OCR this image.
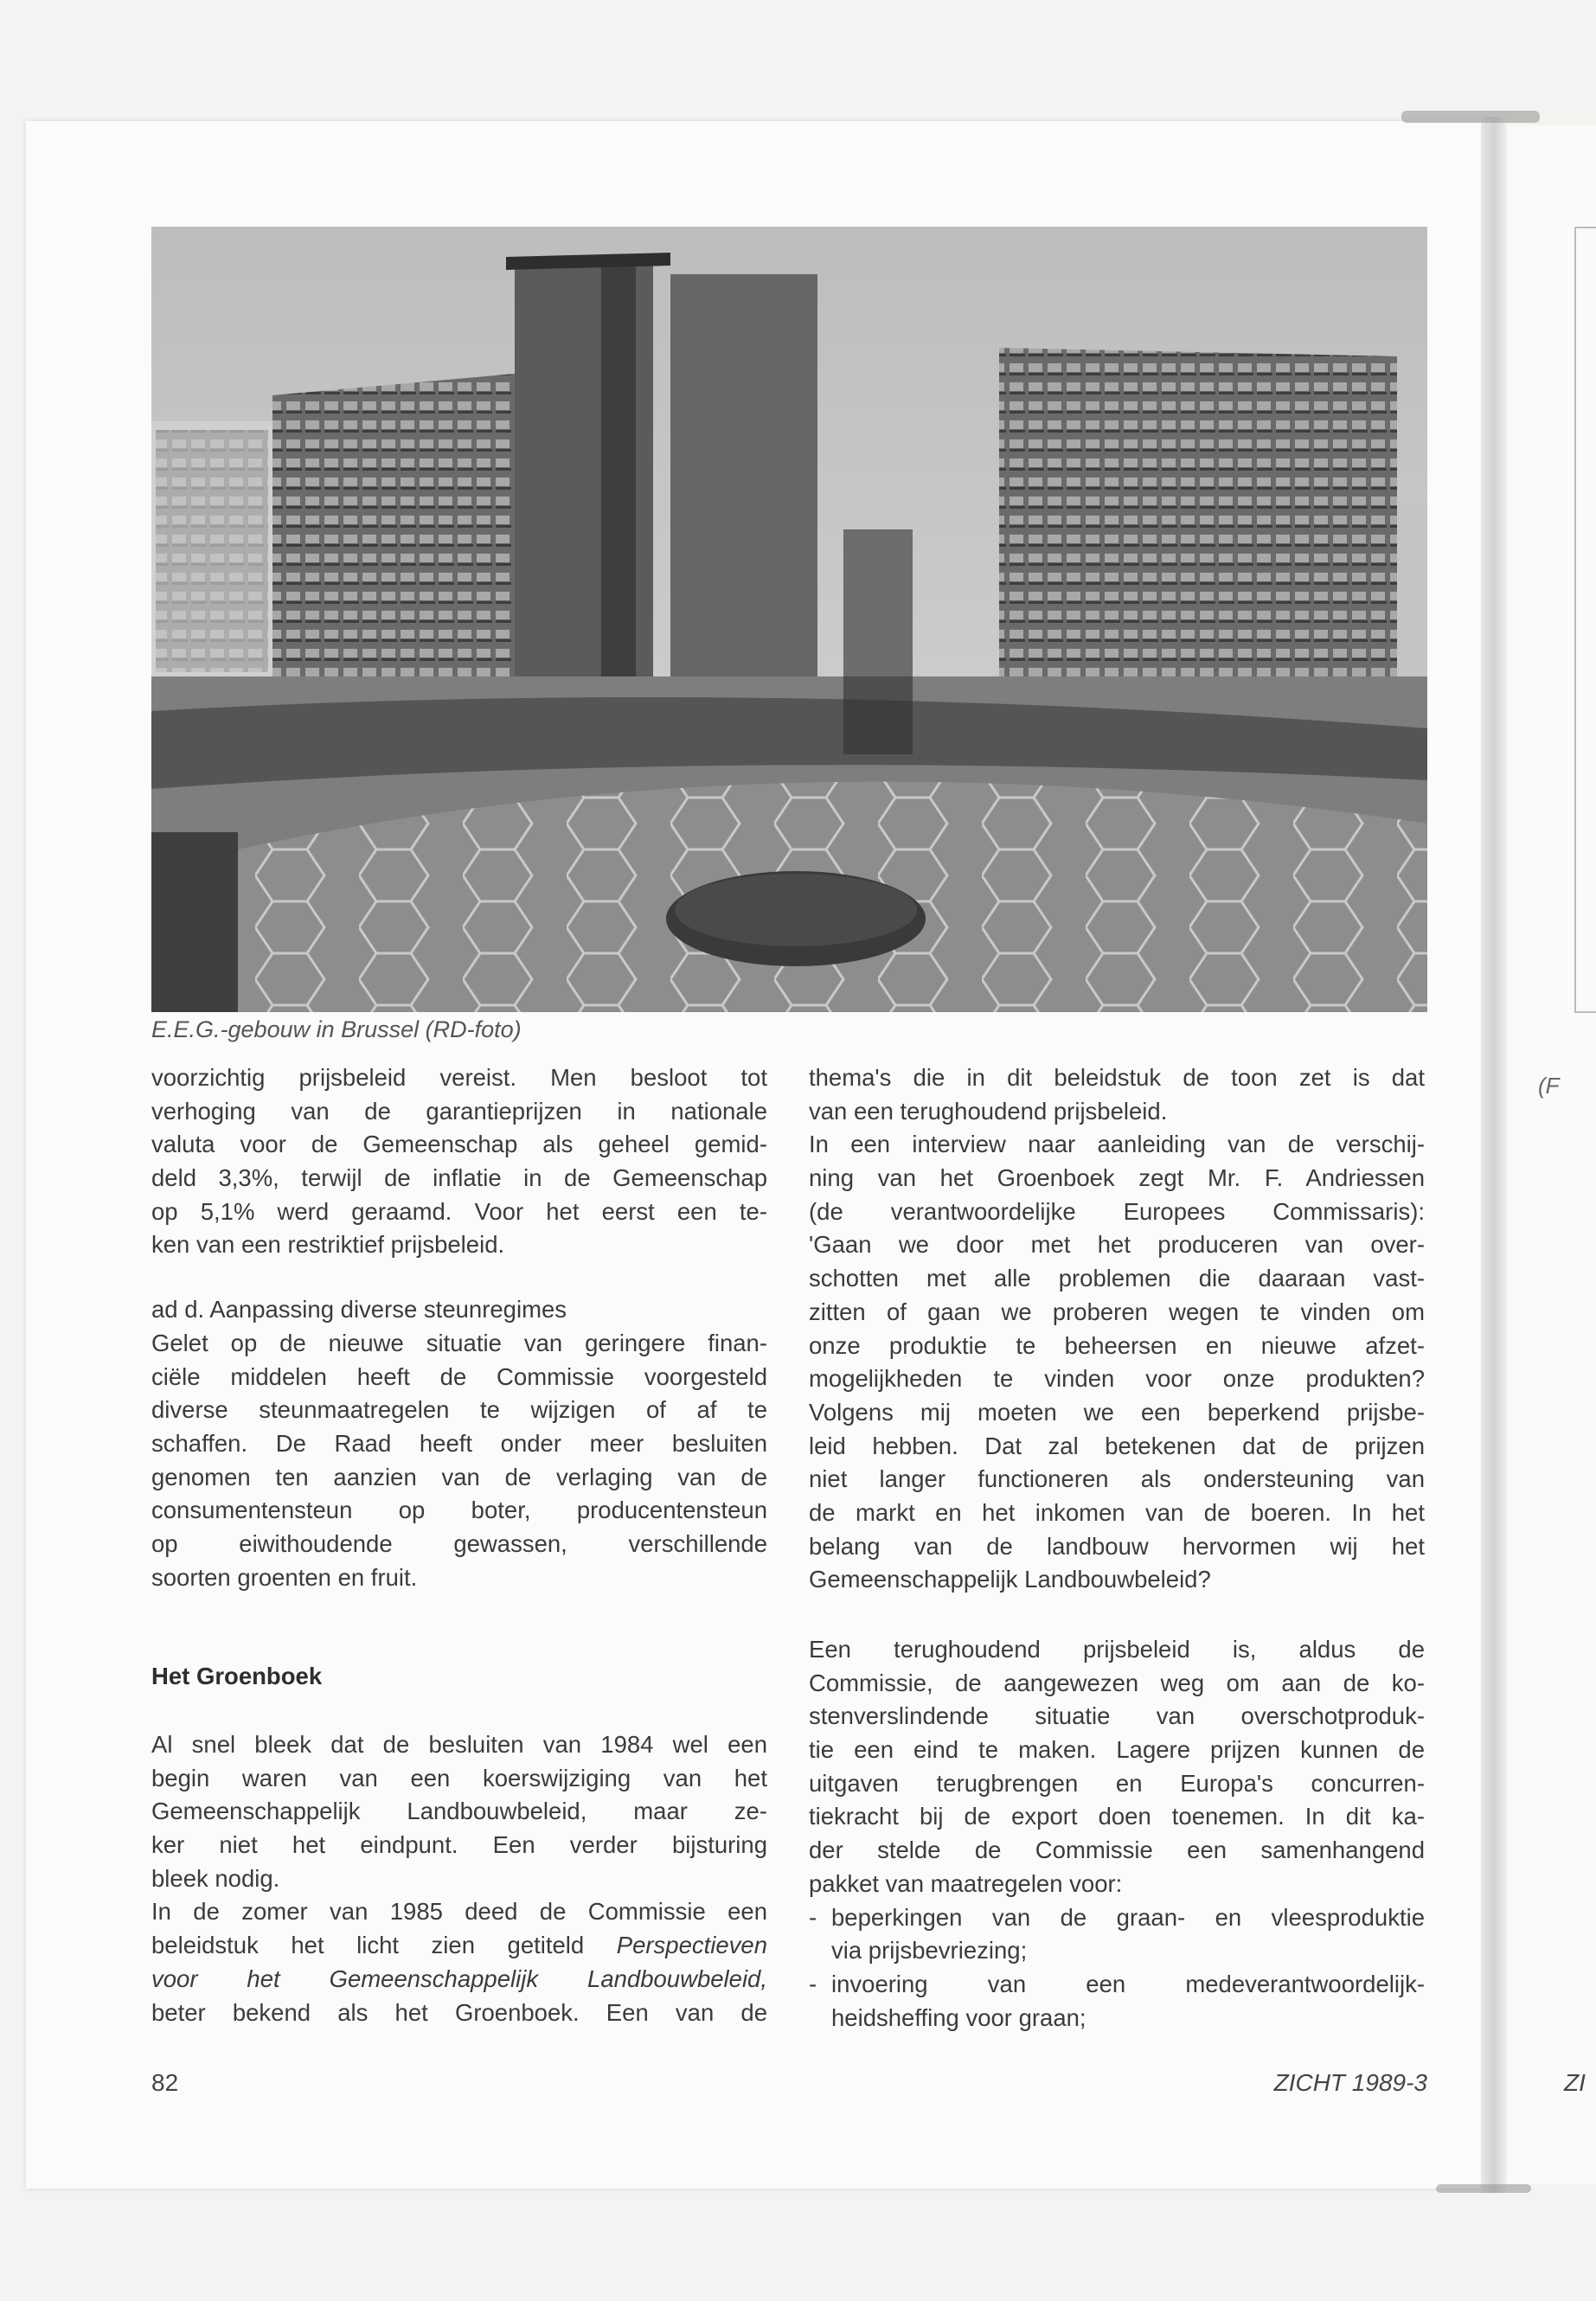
(F
ZI
E.E.G.-gebouw in Brussel (RD-foto)
voorzichtig prijsbeleid vereist. Men besloot tot
verhoging van de garantieprijzen in nationale
valuta voor de Gemeenschap als geheel gemid-
deld 3,3%, terwijl de inflatie in de Gemeenschap
op 5,1% werd geraamd. Voor het eerst een te-
ken van een restriktief prijsbeleid.
ad d. Aanpassing diverse steunregimes
Gelet op de nieuwe situatie van geringere finan-
ciële middelen heeft de Commissie voorgesteld
diverse steunmaatregelen te wijzigen of af te
schaffen. De Raad heeft onder meer besluiten
genomen ten aanzien van de verlaging van de
consumentensteun op boter, producentensteun
op eiwithoudende gewassen, verschillende
soorten groenten en fruit.
Het Groenboek
Al snel bleek dat de besluiten van 1984 wel een
begin waren van een koerswijziging van het
Gemeenschappelijk Landbouwbeleid, maar ze-
ker niet het eindpunt. Een verder bijsturing
bleek nodig.
In de zomer van 1985 deed de Commissie een
beleidstuk het licht zien getiteld Perspectieven
voor het Gemeenschappelijk Landbouwbeleid,
beter bekend als het Groenboek. Een van de
thema's die in dit beleidstuk de toon zet is dat
van een terughoudend prijsbeleid.
In een interview naar aanleiding van de verschij-
ning van het Groenboek zegt Mr. F. Andriessen
(de verantwoordelijke Europees Commissaris):
'Gaan we door met het produceren van over-
schotten met alle problemen die daaraan vast-
zitten of gaan we proberen wegen te vinden om
onze produktie te beheersen en nieuwe afzet-
mogelijkheden te vinden voor onze produkten?
Volgens mij moeten we een beperkend prijsbe-
leid hebben. Dat zal betekenen dat de prijzen
niet langer functioneren als ondersteuning van
de markt en het inkomen van de boeren. In het
belang van de landbouw hervormen wij het
Gemeenschappelijk Landbouwbeleid?
Een terughoudend prijsbeleid is, aldus de
Commissie, de aangewezen weg om aan de ko-
stenverslindende situatie van overschotproduk-
tie een eind te maken. Lagere prijzen kunnen de
uitgaven terugbrengen en Europa's concurren-
tiekracht bij de export doen toenemen. In dit ka-
der stelde de Commissie een samenhangend
pakket van maatregelen voor:
- beperkingen van de graan- en vleesproduktie
via prijsbevriezing;
- invoering van een medeverantwoordelijk-
heidsheffing voor graan;
82	ZICHT 1989-3
